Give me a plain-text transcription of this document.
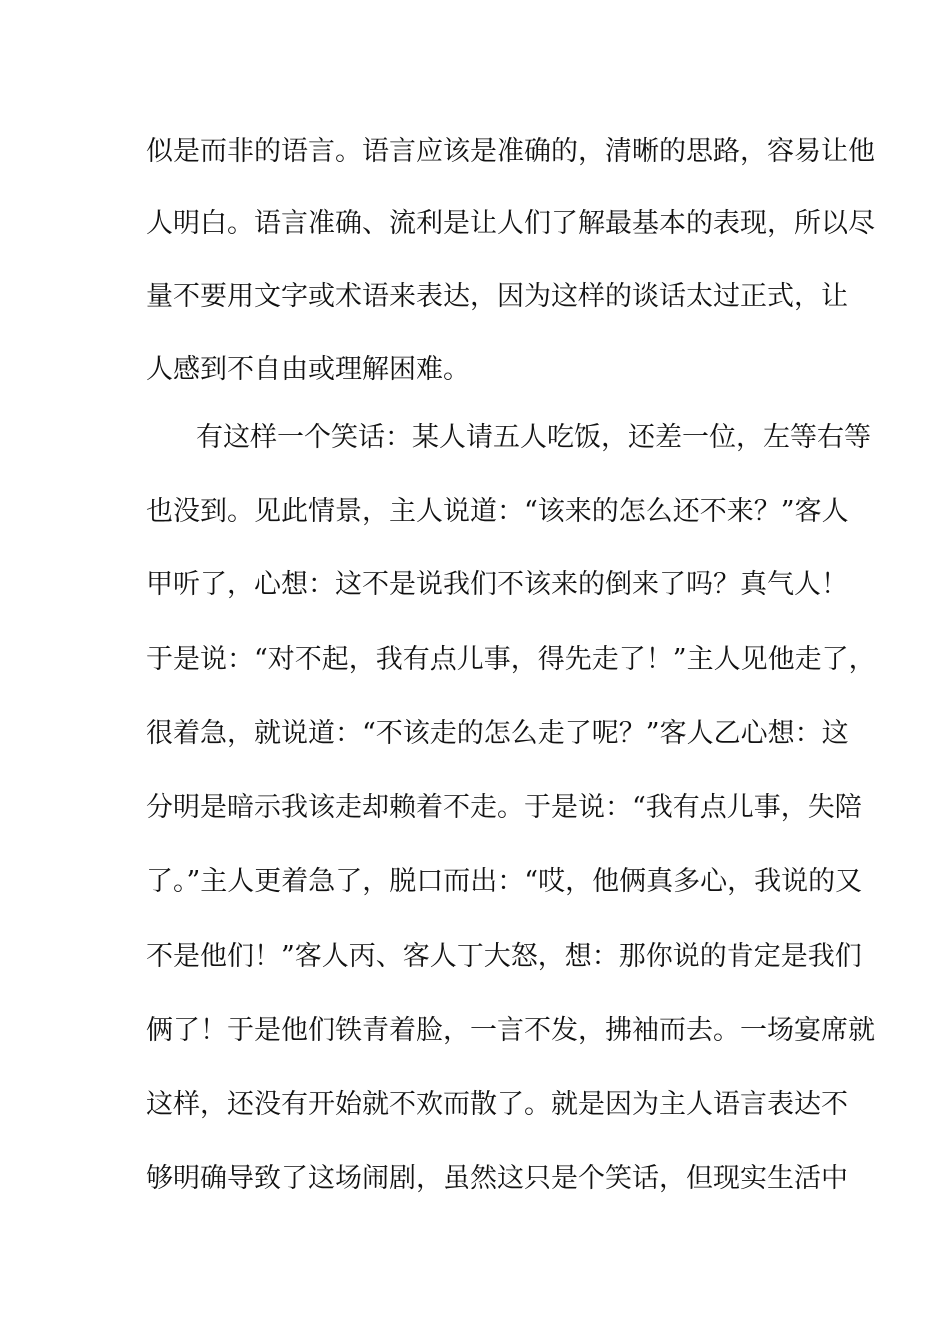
似是而非的语言。语言应该是准确的，清晰的思路，容易让他
人明白。语言准确、流利是让人们了解最基本的表现，所以尽
量不要用文字或术语来表达，因为这样的谈话太过正式，让
人感到不自由或理解困难。
有这样一个笑话：某人请五人吃饭，还差一位，左等右等
也没到。见此情景，主人说道：“该来的怎么还不来？”客人
甲听了，心想：这不是说我们不该来的倒来了吗？真气人！
于是说：“对不起，我有点儿事，得先走了！”主人见他走了，
很着急，就说道：“不该走的怎么走了呢？”客人乙心想：这
分明是暗示我该走却赖着不走。于是说：“我有点儿事，失陪
了。”主人更着急了，脱口而出：“哎，他俩真多心，我说的又
不是他们！”客人丙、客人丁大怒，想：那你说的肯定是我们
俩了！于是他们铁青着脸，一言不发，拂袖而去。一场宴席就
这样，还没有开始就不欢而散了。就是因为主人语言表达不
够明确导致了这场闹剧，虽然这只是个笑话，但现实生活中
